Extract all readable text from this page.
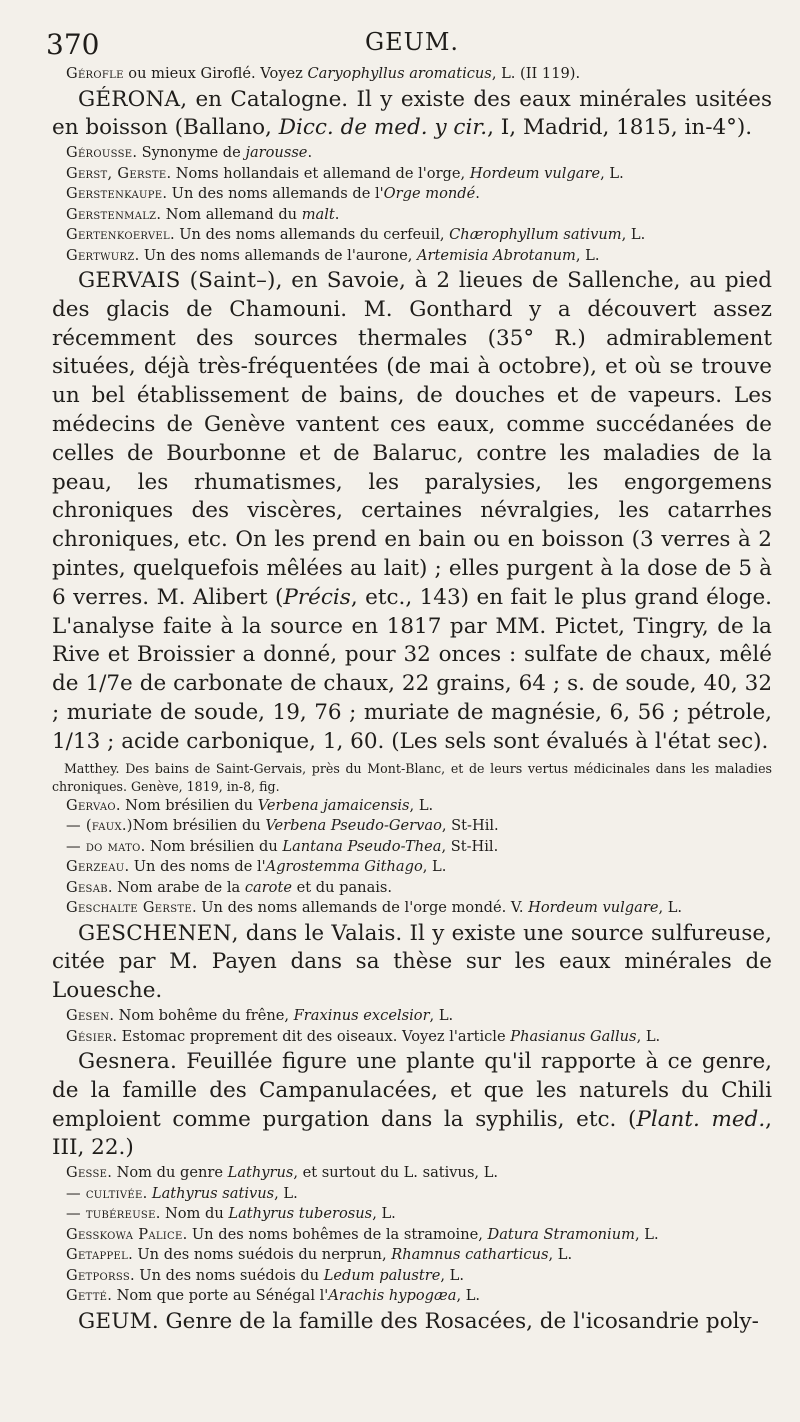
370	GEUM.

Gérofle ou mieux Giroflé. Voyez Caryophyllus aromaticus, L. (II 119).

GÉRONA, en Catalogne. Il y existe des eaux minérales usitées en boisson (Ballano, Dicc. de med. y cir., I, Madrid, 1815, in-4°).

Gérousse. Synonyme de jarousse.

Gerst, Gerste. Noms hollandais et allemand de l'orge, Hordeum vulgare, L.

Gerstenkaupe. Un des noms allemands de l'Orge mondé.

Gerstenmalz. Nom allemand du malt.

Gertenkoervel. Un des noms allemands du cerfeuil, Chærophyllum sativum, L.

Gertwurz. Un des noms allemands de l'aurone, Artemisia Abrotanum, L.

GERVAIS (Saint–), en Savoie, à 2 lieues de Sallenche, au pied des glacis de Chamouni. M. Gonthard y a découvert assez récemment des sources thermales (35° R.) admirablement situées, déjà très-fréquentées (de mai à octobre), et où se trouve un bel établissement de bains, de douches et de vapeurs. Les médecins de Genève vantent ces eaux, comme succédanées de celles de Bourbonne et de Balaruc, contre les maladies de la peau, les rhumatismes, les paralysies, les engorgemens chroniques des viscères, certaines névralgies, les catarrhes chroniques, etc. On les prend en bain ou en boisson (3 verres à 2 pintes, quelquefois mêlées au lait) ; elles purgent à la dose de 5 à 6 verres. M. Alibert (Précis, etc., 143) en fait le plus grand éloge. L'analyse faite à la source en 1817 par MM. Pictet, Tingry, de la Rive et Broissier a donné, pour 32 onces : sulfate de chaux, mêlé de 1/7e de carbonate de chaux, 22 grains, 64 ; s. de soude, 40, 32 ; muriate de soude, 19, 76 ; muriate de magnésie, 6, 56 ; pétrole, 1/13 ; acide carbonique, 1, 60. (Les sels sont évalués à l'état sec).

Matthey. Des bains de Saint-Gervais, près du Mont-Blanc, et de leurs vertus médicinales dans les maladies chroniques. Genève, 1819, in-8, fig.

Gervao. Nom brésilien du Verbena jamaicensis, L.

— (faux.)Nom brésilien du Verbena Pseudo-Gervao, St-Hil.

— do mato. Nom brésilien du Lantana Pseudo-Thea, St-Hil.

Gerzeau. Un des noms de l'Agrostemma Githago, L.

Gesab. Nom arabe de la carote et du panais.

Geschalte Gerste. Un des noms allemands de l'orge mondé. V. Hordeum vulgare, L.

GESCHENEN, dans le Valais. Il y existe une source sulfureuse, citée par M. Payen dans sa thèse sur les eaux minérales de Louesche.

Gesen. Nom bohême du frêne, Fraxinus excelsior, L.

Gésier. Estomac proprement dit des oiseaux. Voyez l'article Phasianus Gallus, L.

Gesnera. Feuillée figure une plante qu'il rapporte à ce genre, de la famille des Campanulacées, et que les naturels du Chili emploient comme purgation dans la syphilis, etc. (Plant. med., III, 22.)

Gesse. Nom du genre Lathyrus, et surtout du L. sativus, L.

— cultivée. Lathyrus sativus, L.

— tubéreuse. Nom du Lathyrus tuberosus, L.

Gesskowa Palice. Un des noms bohêmes de la stramoine, Datura Stramonium, L.

Getappel. Un des noms suédois du nerprun, Rhamnus catharticus, L.

Getporss. Un des noms suédois du Ledum palustre, L.

Getté. Nom que porte au Sénégal l'Arachis hypogæa, L.

GEUM. Genre de la famille des Rosacées, de l'icosandrie poly-
